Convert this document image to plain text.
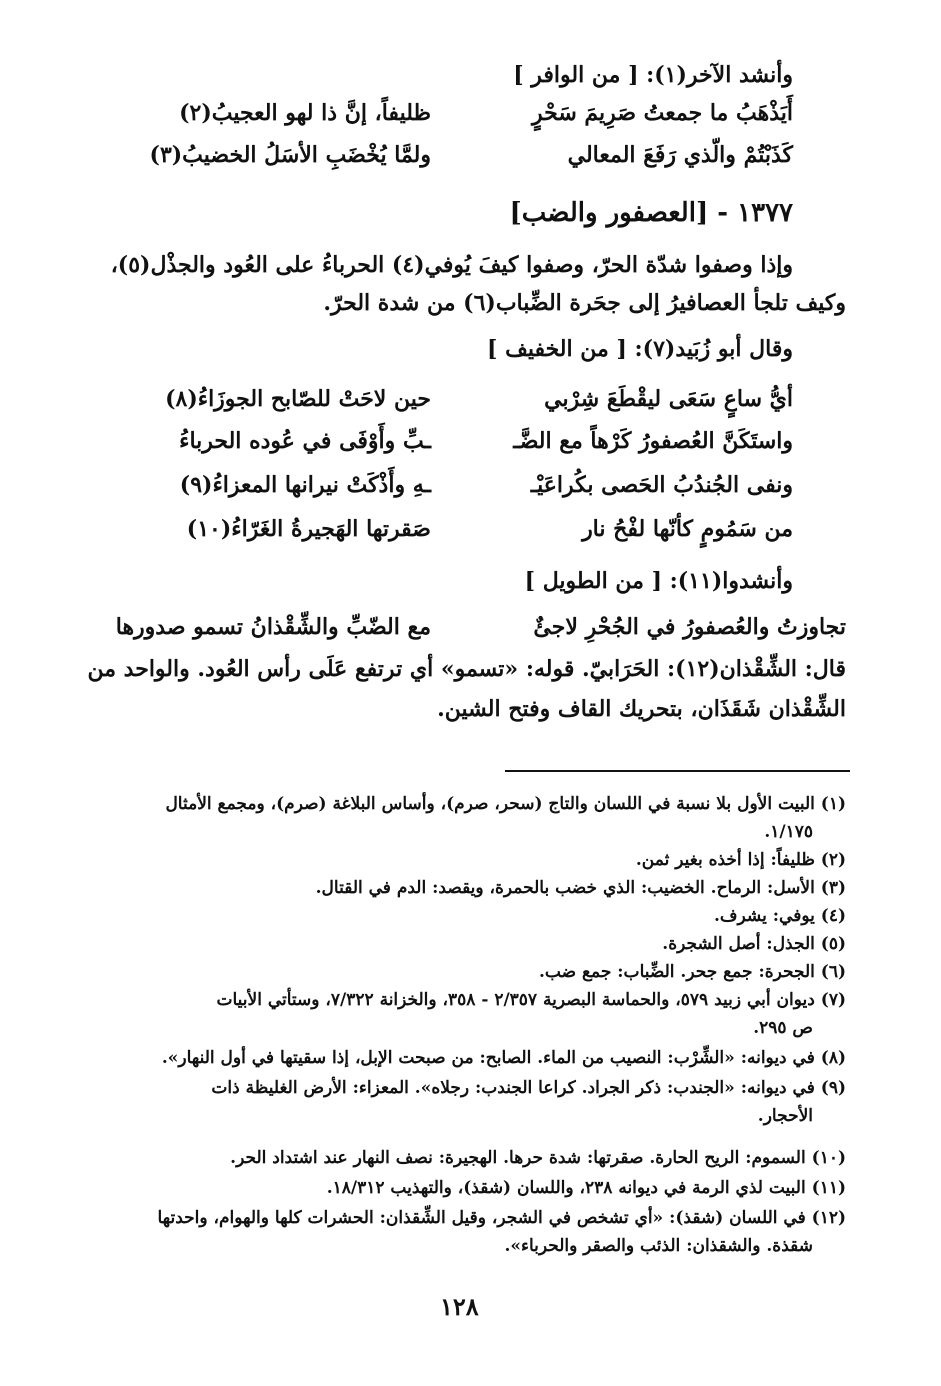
وأنشد الآخر(١): [ من الوافر ]
أَيَذْهَبُ ما جمعتُ صَرِيمَ سَحْرٍ
ظليفاً، إنَّ ذا لهو العجيبُ(٢)
كَذَبْتُمْ والّذي رَفَعَ المعالي
ولمَّا يُخْضَبِ الأسَلُ الخضيبُ(٣)
١٣٧٧ - [العصفور والضب]
وإذا وصفوا شدّة الحرّ، وصفوا كيفَ يُوفي(٤) الحرباءُ على العُود والجذْل(٥)،
وكيف تلجأ العصافيرُ إلى جحَرة الضِّباب(٦) من شدة الحرّ.
وقال أبو زُبَيد(٧): [ من الخفيف ]
أيُّ ساعٍ سَعَى ليقْطَعَ شِرْبي
حين لاحَتْ للصّابح الجوزَاءُ(٨)
واستَكَنَّ العُصفورُ كَرْهاً مع الضَّـ
ـبِّ وأَوْفَى في عُوده الحرباءُ
ونفى الجُندُبُ الحَصى بكُراعَيْـ
ـهِ وأَذْكَتْ نيرانها المعزاءُ(٩)
من سَمُومٍ كأنّها لفْحُ نار
صَقرتها الهَجيرةُ الغَرّاءُ(١٠)
وأنشدوا(١١): [ من الطويل ]
تجاوزتُ والعُصفورُ في الجُحْرِ لاجئٌ
مع الضّبِّ والشِّقْذانُ تسمو صدورها
قال: الشِّقْذان(١٢): الحَرَابيّ. قوله: «تسمو» أي ترتفع عَلَى رأس العُود. والواحد من
الشِّقْذان شَقَذَان، بتحريك القاف وفتح الشين.
(١) البيت الأول بلا نسبة في اللسان والتاج (سحر، صرم)، وأساس البلاغة (صرم)، ومجمع الأمثال
١/١٧٥.
(٢) ظليفاً: إذا أخذه بغير ثمن.
(٣) الأسل: الرماح. الخضيب: الذي خضب بالحمرة، ويقصد: الدم في القتال.
(٤) يوفي: يشرف.
(٥) الجذل: أصل الشجرة.
(٦) الجحرة: جمع جحر. الضِّباب: جمع ضب.
(٧) ديوان أبي زبيد ٥٧٩، والحماسة البصرية ٢/٣٥٧ - ٣٥٨، والخزانة ٧/٣٢٢، وستأتي الأبيات
ص ٢٩٥.
(٨) في ديوانه: «الشِّرْب: النصيب من الماء. الصابح: من صبحت الإبل، إذا سقيتها في أول النهار».
(٩) في ديوانه: «الجندب: ذكر الجراد. كراعا الجندب: رجلاه». المعزاء: الأرض الغليظة ذات
الأحجار.
(١٠) السموم: الريح الحارة. صقرتها: شدة حرها. الهجيرة: نصف النهار عند اشتداد الحر.
(١١) البيت لذي الرمة في ديوانه ٢٣٨، واللسان (شقذ)، والتهذيب ١٨/٣١٢.
(١٢) في اللسان (شقذ): «أي تشخص في الشجر، وقيل الشِّقذان: الحشرات كلها والهوام، واحدتها
شقذة. والشقذان: الذئب والصقر والحرباء».
١٢٨
